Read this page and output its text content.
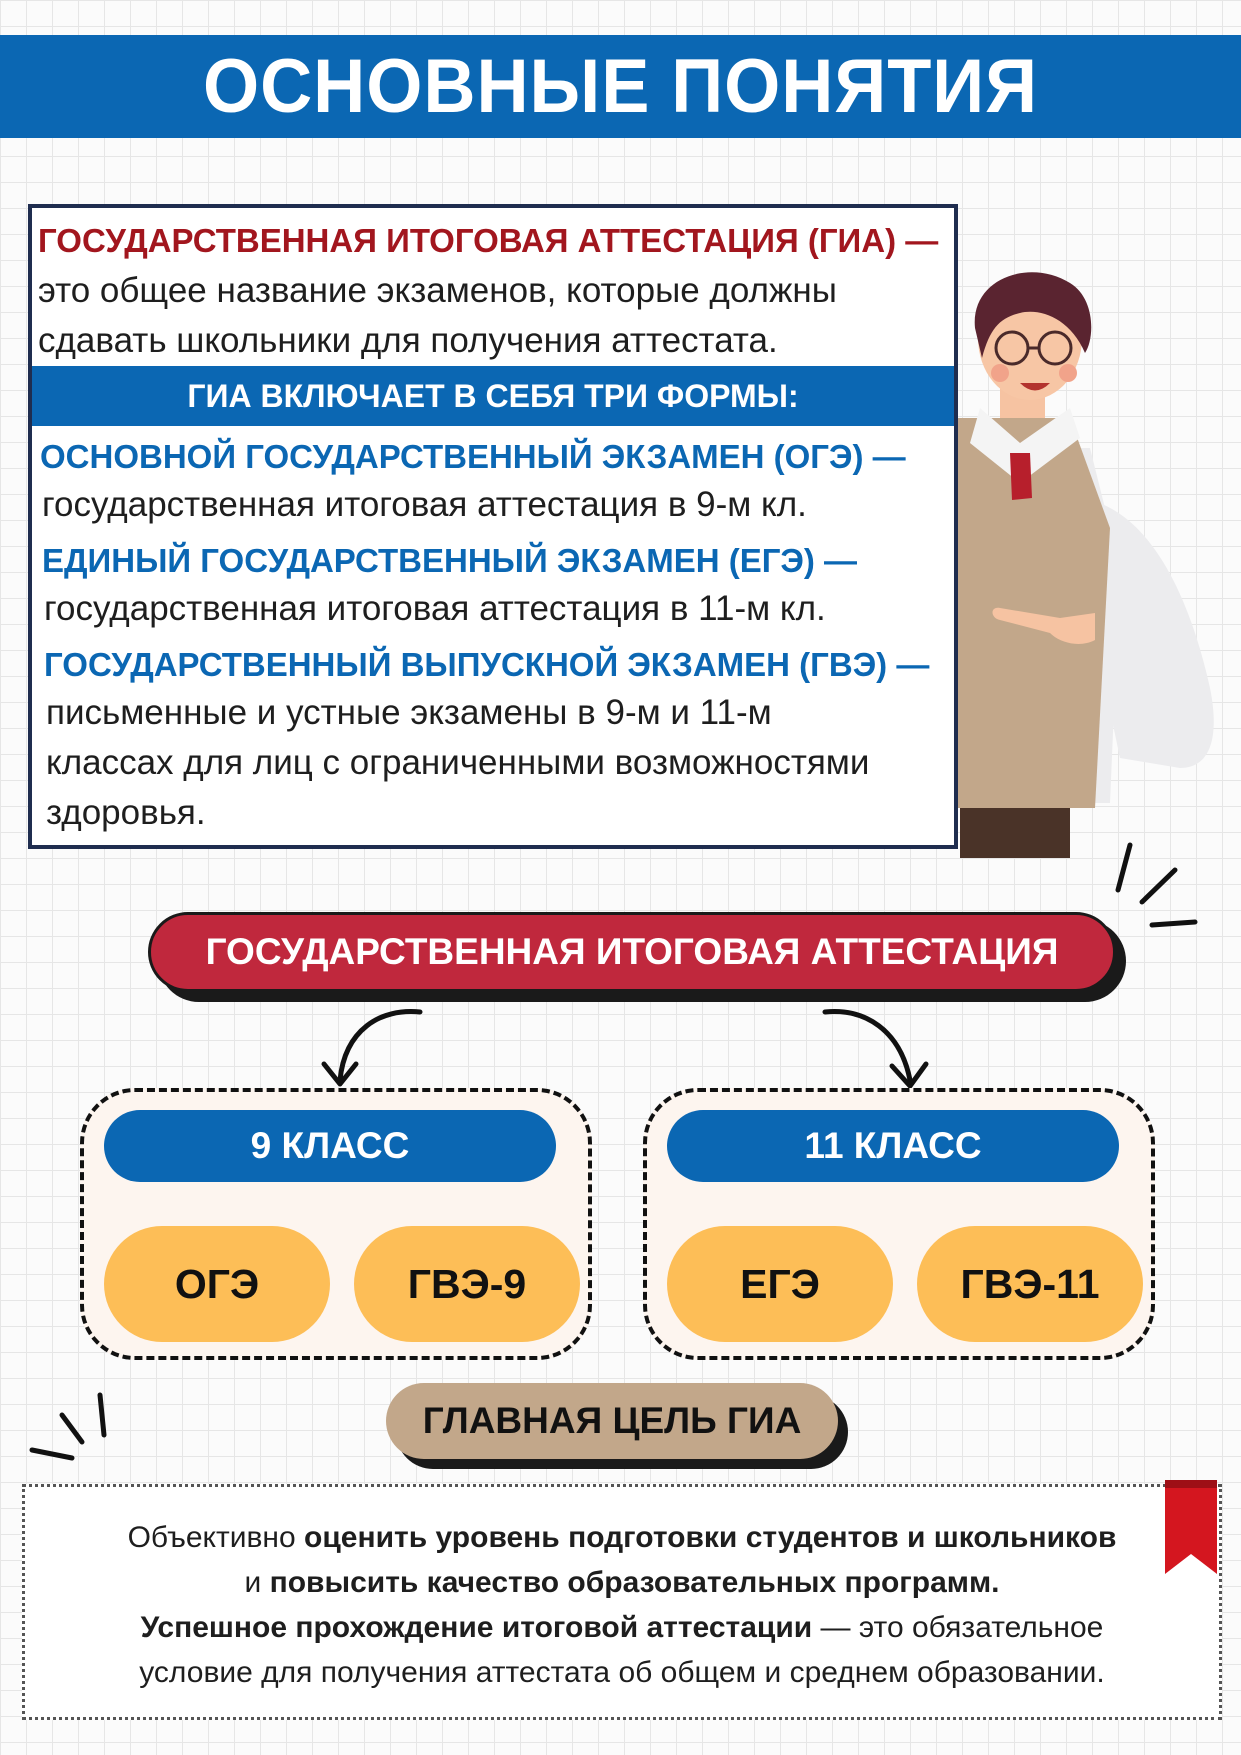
ОСНОВНЫЕ ПОНЯТИЯ
ГОСУДАРСТВЕННАЯ ИТОГОВАЯ АТТЕСТАЦИЯ (ГИА) —
это общее название экзаменов, которые должны
сдавать школьники для получения аттестата.
ГИА ВКЛЮЧАЕТ В СЕБЯ ТРИ ФОРМЫ:
ОСНОВНОЙ ГОСУДАРСТВЕННЫЙ ЭКЗАМЕН (ОГЭ) —
государственная итоговая аттестация в 9-м кл.
ЕДИНЫЙ ГОСУДАРСТВЕННЫЙ ЭКЗАМЕН (ЕГЭ) —
государственная итоговая аттестация в 11-м кл.
ГОСУДАРСТВЕННЫЙ ВЫПУСКНОЙ ЭКЗАМЕН (ГВЭ) —
письменные и устные экзамены в 9-м и 11-м
классах для лиц с ограниченными возможностями
здоровья.
ГОСУДАРСТВЕННАЯ ИТОГОВАЯ АТТЕСТАЦИЯ
9 КЛАСС
ОГЭ	ГВЭ-9
11 КЛАСС
ЕГЭ	ГВЭ-11
ГЛАВНАЯ ЦЕЛЬ ГИА
Объективно оценить уровень подготовки студентов и школьников
и повысить качество образовательных программ.
Успешное прохождение итоговой аттестации — это обязательное
условие для получения аттестата об общем и среднем образовании.
